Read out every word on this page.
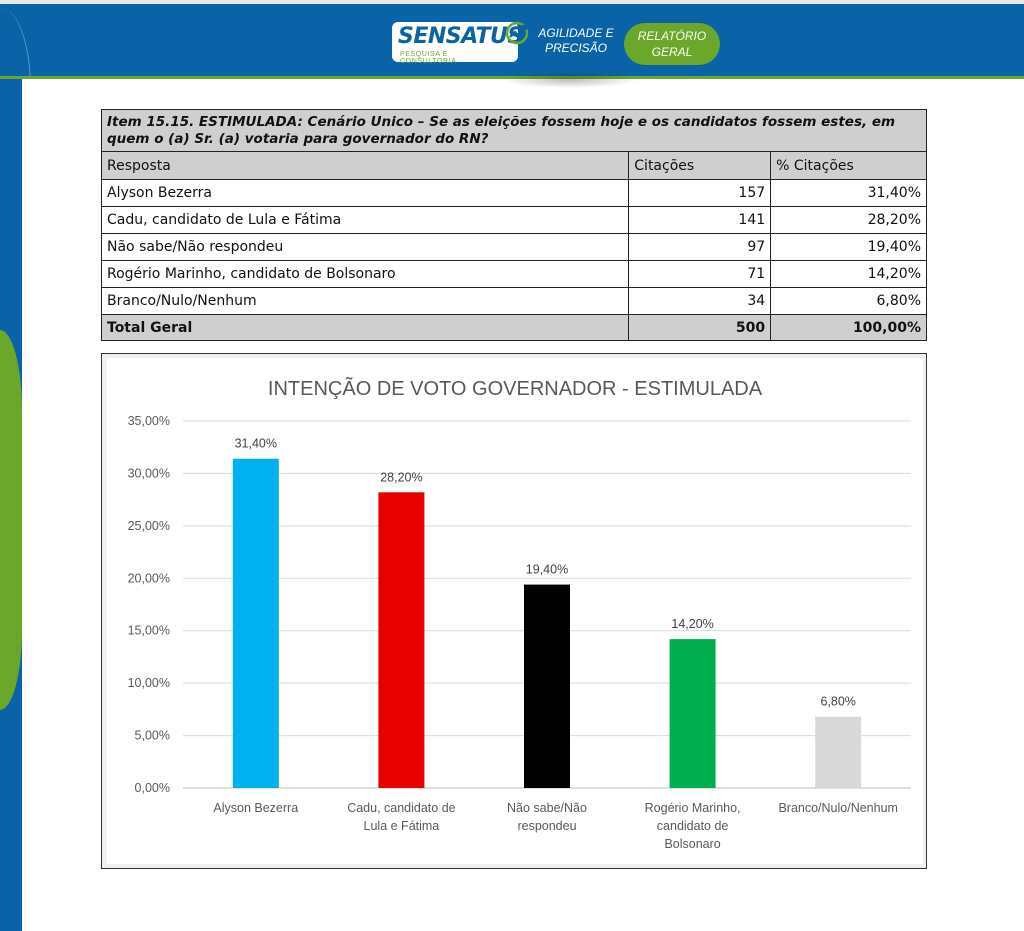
SENSATUS
PESQUISA E CONSULTORIA
AGILIDADE E
PRECISÃO
RELATÓRIO
GERAL
Item 15.15. ESTIMULADA: Cenário Unico – Se as eleições fossem hoje e os candidatos fossem estes, em quem o (a) Sr. (a) votaria para governador do RN?		
Resposta	Citações	% Citações
Alyson Bezerra	157	31,40%
Cadu, candidato de Lula e Fátima	141	28,20%
Não sabe/Não respondeu	97	19,40%
Rogério Marinho, candidato de Bolsonaro	71	14,20%
Branco/Nulo/Nenhum	34	6,80%
Total Geral	500	100,00%
INTENÇÃO DE VOTO GOVERNADOR - ESTIMULADA
0,00%
5,00%
10,00%
15,00%
20,00%
25,00%
30,00%
35,00%
31,40%
Alyson Bezerra
28,20%
Cadu, candidato de
Lula e Fátima
19,40%
Não sabe/Não
respondeu
14,20%
Rogério Marinho,
candidato de
Bolsonaro
6,80%
Branco/Nulo/Nenhum
